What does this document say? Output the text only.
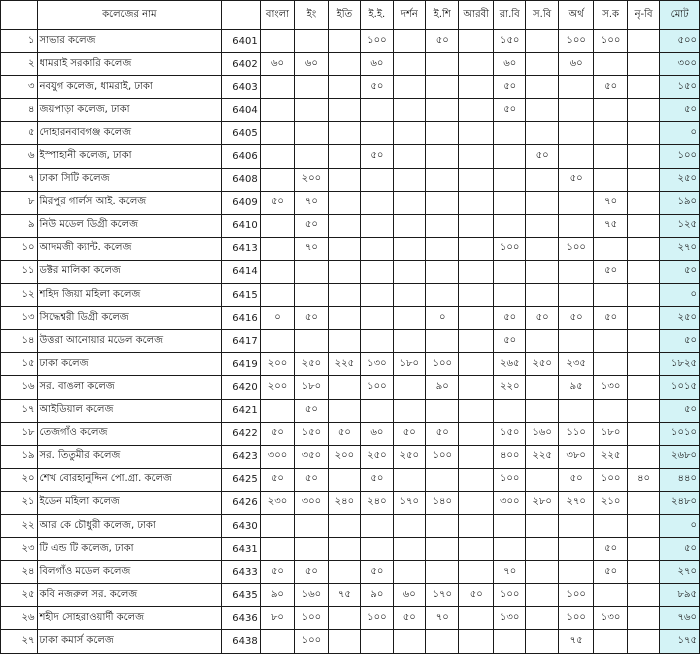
	কলেজের নাম		বাংলা	ইং	ইতি	ই.ই.	দর্শন	ই.শি	আরবী	রা.বি	স.বি	অর্থ	স.ক	নৃ-বি	মোট
১	সাভার কলেজ	6401				১০০		৫০		১৫০		১০০	১০০		৫০০
২	ধামরাই সরকারি কলেজ	6402	৬০	৬০		৬০				৬০		৬০			৩০০
৩	নবযুগ কলেজ, ধামরাই, ঢাকা	6403				৫০				৫০			৫০		১৫০
৪	জয়পাড়া কলেজ, ঢাকা	6404								৫০					৫০
৫	দোহারনবাবগঞ্জ কলেজ	6405													০
৬	ইস্পাহানী কলেজ, ঢাকা	6406				৫০					৫০				১০০
৭	ঢাকা সিটি কলেজ	6408		২০০								৫০			২৫০
৮	মিরপুর গার্লস আই. কলেজ	6409	৫০	৭০									৭০		১৯০
৯	নিউ মডেল ডিগ্রী কলেজ	6410		৫০									৭৫		১২৫
১০	আদমজী ক্যান্ট. কলেজ	6413		৭০						১০০		১০০			২৭০
১১	ডক্টর মালিকা কলেজ	6414											৫০		৫০
১২	শহিদ জিয়া মহিলা কলেজ	6415													০
১৩	সিদ্ধেশ্বরী ডিগ্রী কলেজ	6416	০	৫০				০		৫০	৫০	৫০	৫০		২৫০
১৪	উত্তরা আনোয়ার মডেল কলেজ	6417								৫০					৫০
১৫	ঢাকা কলেজ	6419	২০০	২৫০	২২৫	১৩০	১৮০	১০০		২৬৫	২৫০	২৩৫			১৮২৫
১৬	সর. বাঙলা কলেজ	6420	২০০	১৮০		১০০		৯০		২২০		৯৫	১৩০		১০১৫
১৭	আইডিয়াল কলেজ	6421		৫০											৫০
১৮	তেজগাঁও কলেজ	6422	৫০	১৫০	৫০	৬০	৫০	৫০		১৫০	১৬০	১১০	১৮০		১০১০
১৯	সর. তিতুমীর কলেজ	6423	৩০০	৩৫০	২০০	২৫০	২৫০	১০০		৪০০	২২৫	৩৮০	২২৫		২৬৮০
২০	শেখ বোরহানুদ্দিন পো.গ্রা. কলেজ	6425	৫০	৫০		৫০				১০০		৫০	১০০	৪০	৪৪০
২১	ইডেন মহিলা কলেজ	6426	২৩০	৩০০	২৪০	২৪০	১৭০	১৪০		৩০০	২৮০	২৭০	২১০		২৪৮০
২২	আর কে চৌধুরী কলেজ, ঢাকা	6430													০
২৩	টি এন্ড টি কলেজ, ঢাকা	6431											৫০		৫০
২৪	বিলগাঁও মডেল কলেজ	6433	৫০	৫০		৫০				৭০			৫০		২৭০
২৫	কবি নজরুল সর. কলেজ	6435	৯০	১৬০	৭৫	৯০	৬০	১৭০	৫০	১০০		১০০			৮৯৫
২৬	শহীদ সোহরাওয়ার্দী কলেজ	6436	৮০	১০০		১০০	৫০	৭০		১৩০		১০০	১৩০		৭৬০
২৭	ঢাকা কমার্স কলেজ	6438		১০০								৭৫			১৭৫
